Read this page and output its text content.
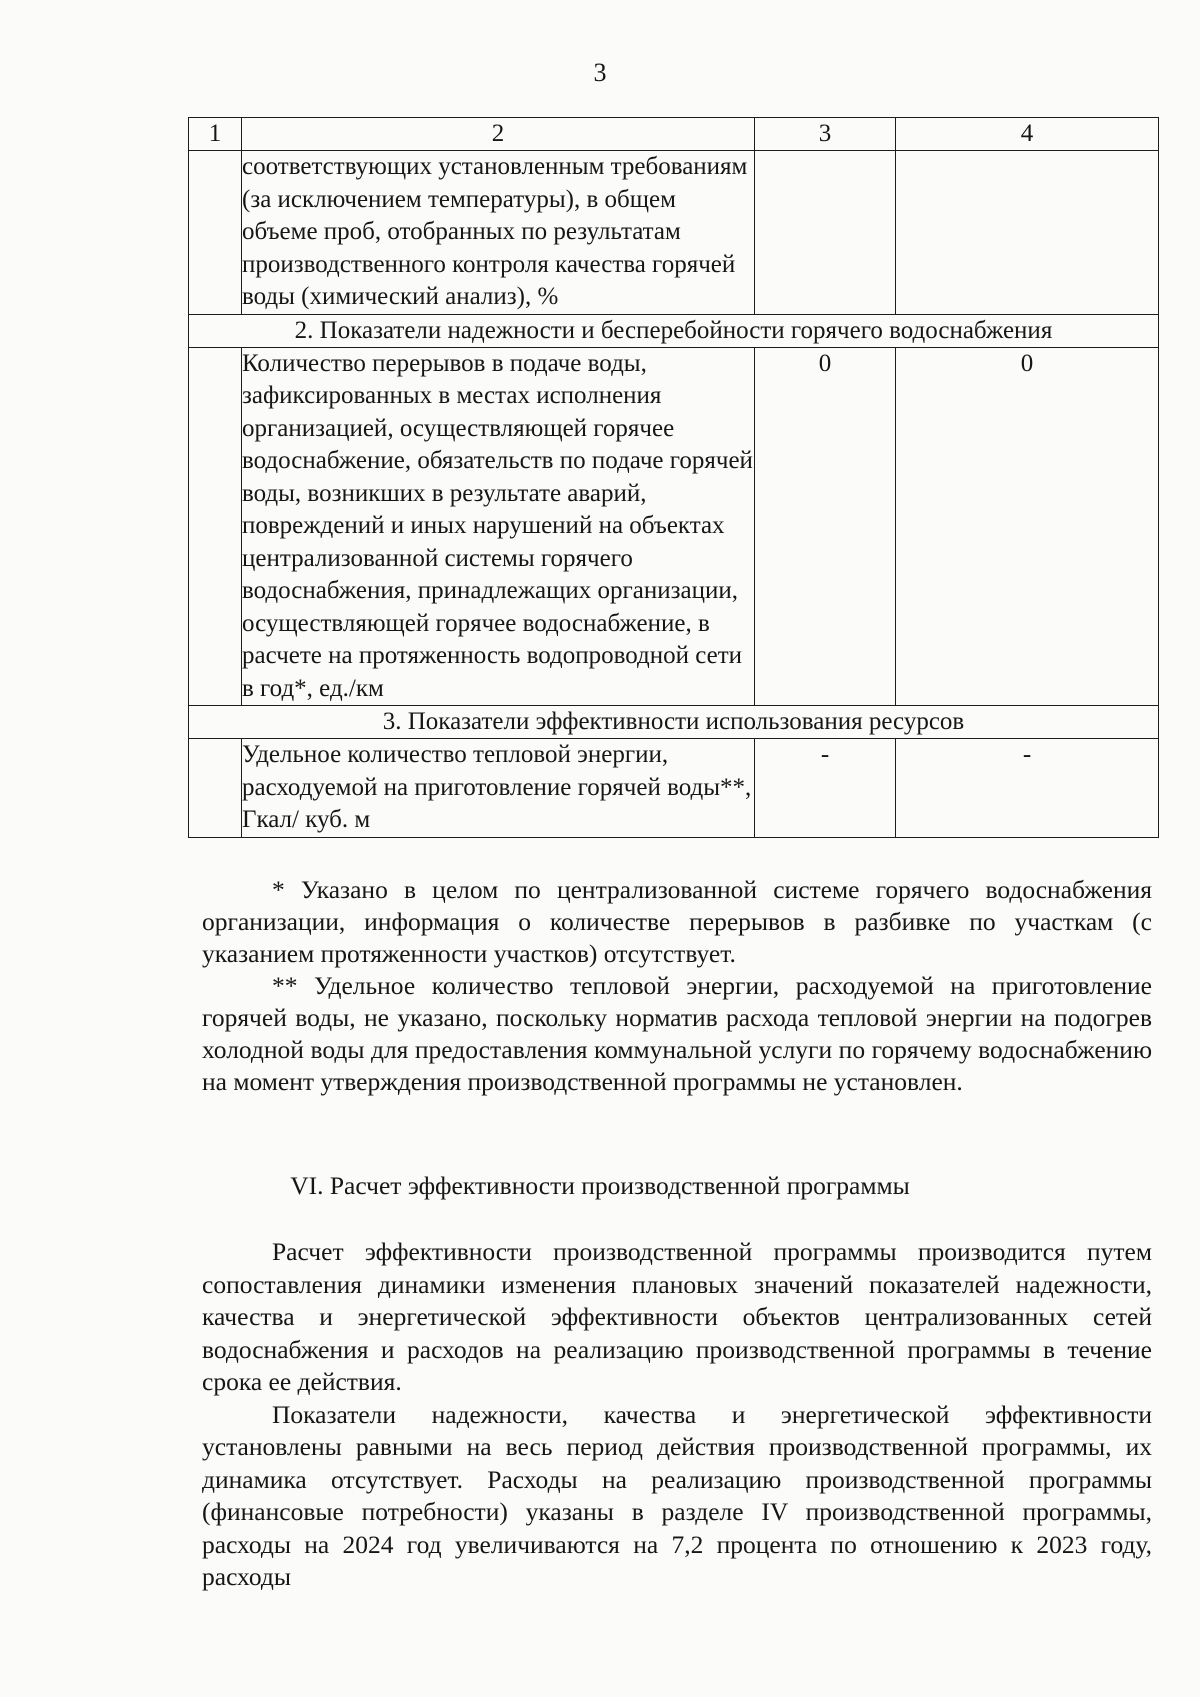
3
1	2	3	4
	соответствующих установленным требованиям (за исключением температуры), в общем объеме проб, отобранных по результатам производственного контроля качества горячей воды (химический анализ), %		
2. Показатели надежности и бесперебойности горячего водоснабжения			
	Количество перерывов в подаче воды, зафиксированных в местах исполнения организацией, осуществляющей горячее водоснабжение, обязательств по подаче горячей воды, возникших в результате аварий, повреждений и иных нарушений на объектах централизованной системы горячего водоснабжения, принадлежащих организации, осуществляющей горячее водоснабжение, в расчете на протяженность водопроводной сети в год*, ед./км	0	0
3. Показатели эффективности использования ресурсов			
	Удельное количество тепловой энергии, расходуемой на приготовление горячей воды**, Гкал/ куб. м	-	-

* Указано в целом по централизованной системе горячего водоснабжения организации, информация о количестве перерывов в разбивке по участкам (с указанием протяженности участков) отсутствует.

** Удельное количество тепловой энергии, расходуемой на приготовление горячей воды, не указано, поскольку норматив расхода тепловой энергии на подогрев холодной воды для предоставления коммунальной услуги по горячему водоснабжению на момент утверждения производственной программы не установлен.

VI. Расчет эффективности производственной программы

Расчет эффективности производственной программы производится путем сопоставления динамики изменения плановых значений показателей надежности, качества и энергетической эффективности объектов централизованных сетей водоснабжения и расходов на реализацию производственной программы в течение срока ее действия.

Показатели надежности, качества и энергетической эффективности установлены равными на весь период действия производственной программы, их динамика отсутствует. Расходы на реализацию производственной программы (финансовые потребности) указаны в разделе IV производственной программы, расходы на 2024 год увеличиваются на 7,2 процента по отношению к 2023 году, расходы
